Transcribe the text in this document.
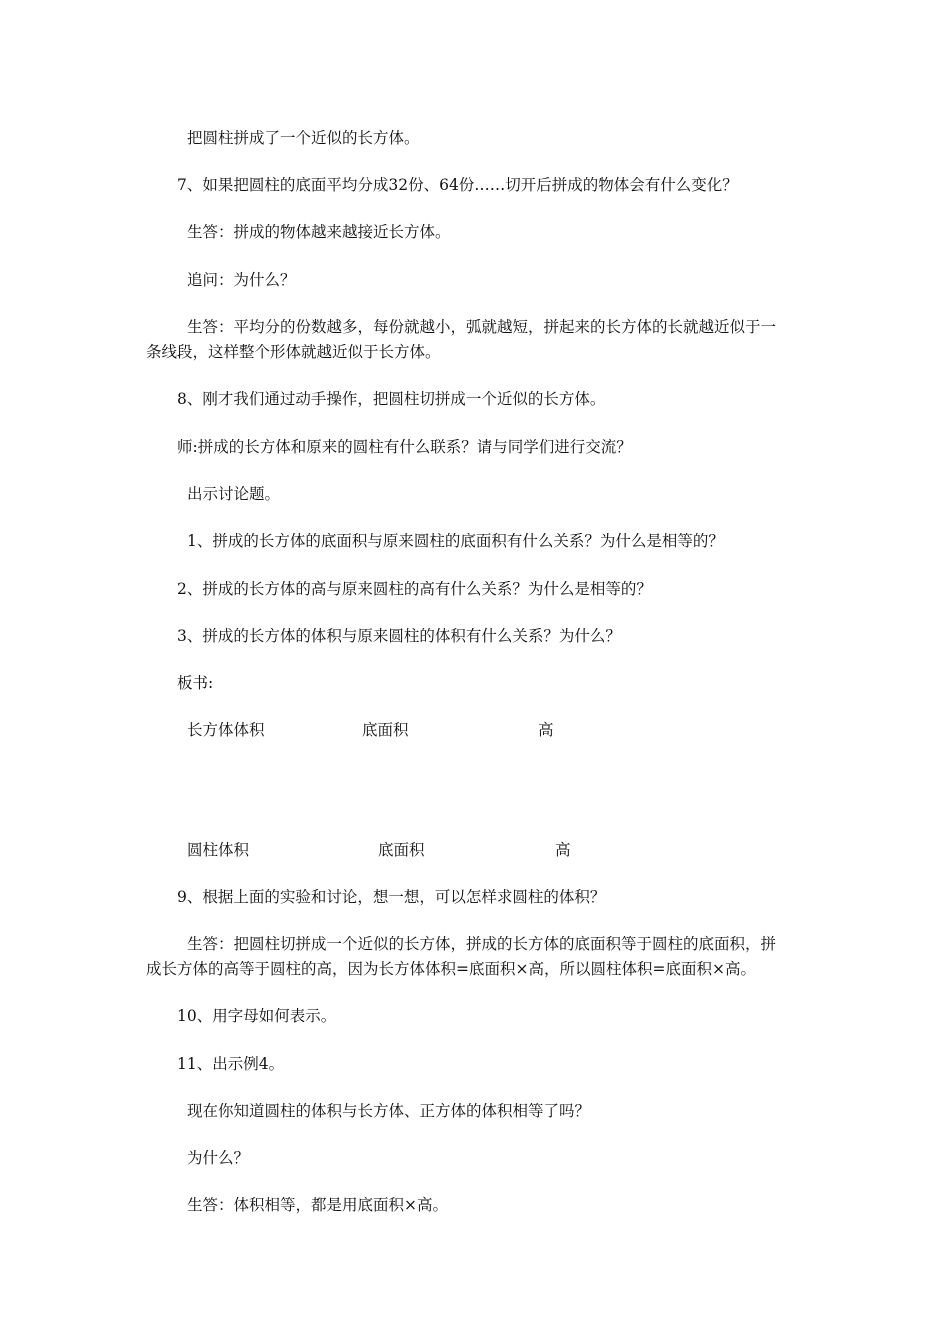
把圆柱拼成了一个近似的长方体。
7、如果把圆柱的底面平均分成32份、64份……切开后拼成的物体会有什么变化？
生答：拼成的物体越来越接近长方体。
追问：为什么？
生答：平均分的份数越多，每份就越小，弧就越短，拼起来的长方体的长就越近似于一
条线段，这样整个形体就越近似于长方体。
8、刚才我们通过动手操作，把圆柱切拼成一个近似的长方体。
师:拼成的长方体和原来的圆柱有什么联系？请与同学们进行交流？
出示讨论题。
1、拼成的长方体的底面积与原来圆柱的底面积有什么关系？为什么是相等的？
2、拼成的长方体的高与原来圆柱的高有什么关系？为什么是相等的？
3、拼成的长方体的体积与原来圆柱的体积有什么关系？为什么？
板书:
长方体体积	底面积	高
圆柱体积	底面积	高
9、根据上面的实验和讨论，想一想，可以怎样求圆柱的体积？
生答：把圆柱切拼成一个近似的长方体，拼成的长方体的底面积等于圆柱的底面积，拼
成长方体的高等于圆柱的高，因为长方体体积=底面积×高，所以圆柱体积=底面积×高。
10、用字母如何表示。
11、出示例4。
现在你知道圆柱的体积与长方体、正方体的体积相等了吗？
为什么？
生答：体积相等，都是用底面积×高。
